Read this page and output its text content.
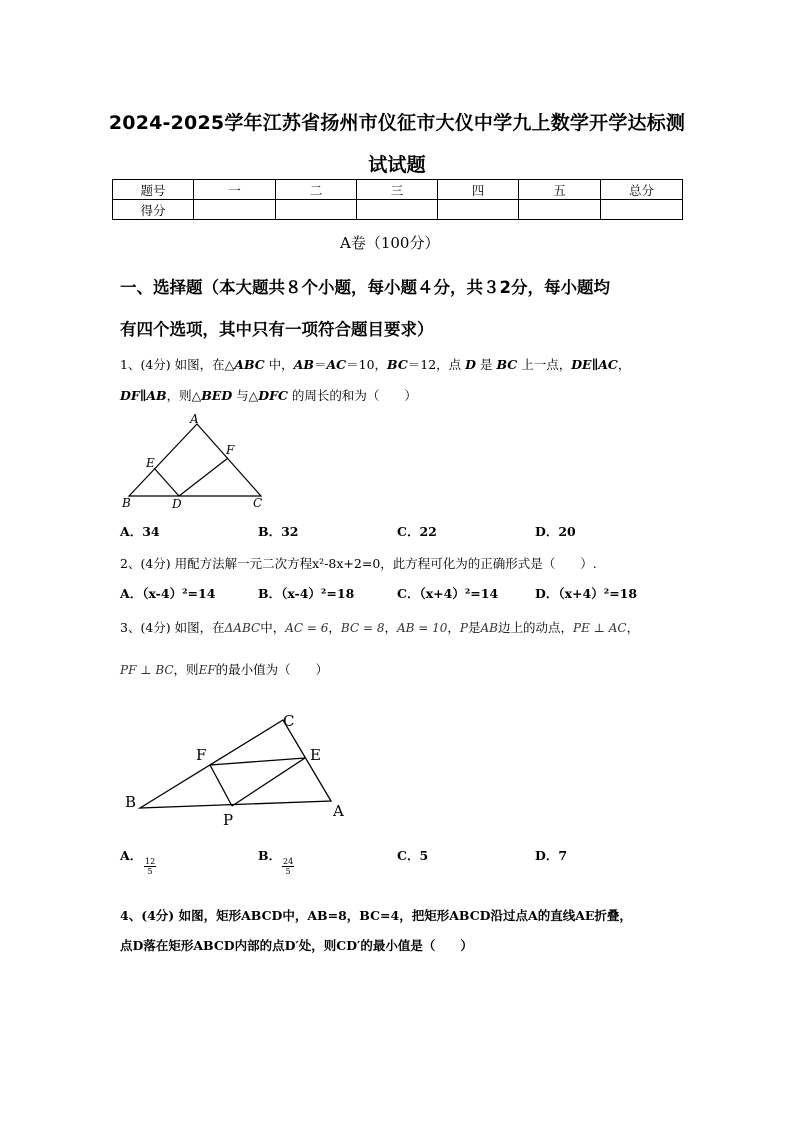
2024-2025学年江苏省扬州市仪征市大仪中学九上数学开学达标测
试试题
题号	一	二	三	四	五	总分
得分						
A卷（100分）
一、选择题（本大题共８个小题，每小题４分，共３2分，每小题均
有四个选项，其中只有一项符合题目要求）
1、(4分) 如图，在△ABC 中，AB＝AC＝10，BC＝12，点 D 是 BC 上一点，DE∥AC，
DF∥AB，则△BED 与△DFC 的周长的和为（　　）
A
E
F
B	D	C
A．34	B．32	C．22	D．20
2、(4分) 用配方法解一元二次方程x²-8x+2=0，此方程可化为的正确形式是（　　）.
A．（x-4）²=14	B．（x-4）²=18	C．（x+4）²=14	D．（x+4）²=18
3、(4分) 如图，在ΔABC中，AC = 6，BC = 8，AB = 10，P是AB边上的动点，PE ⊥ AC，
PF ⊥ BC，则EF的最小值为（　　）
C
F	E
B
P	A
A．
$\frac{12}{5}$
B．
$\frac{24}{5}$
C．5	D．7
4、(4分) 如图，矩形ABCD中，AB=8，BC=4，把矩形ABCD沿过点A的直线AE折叠，
点D落在矩形ABCD内部的点D′处，则CD′的最小值是（　　）
